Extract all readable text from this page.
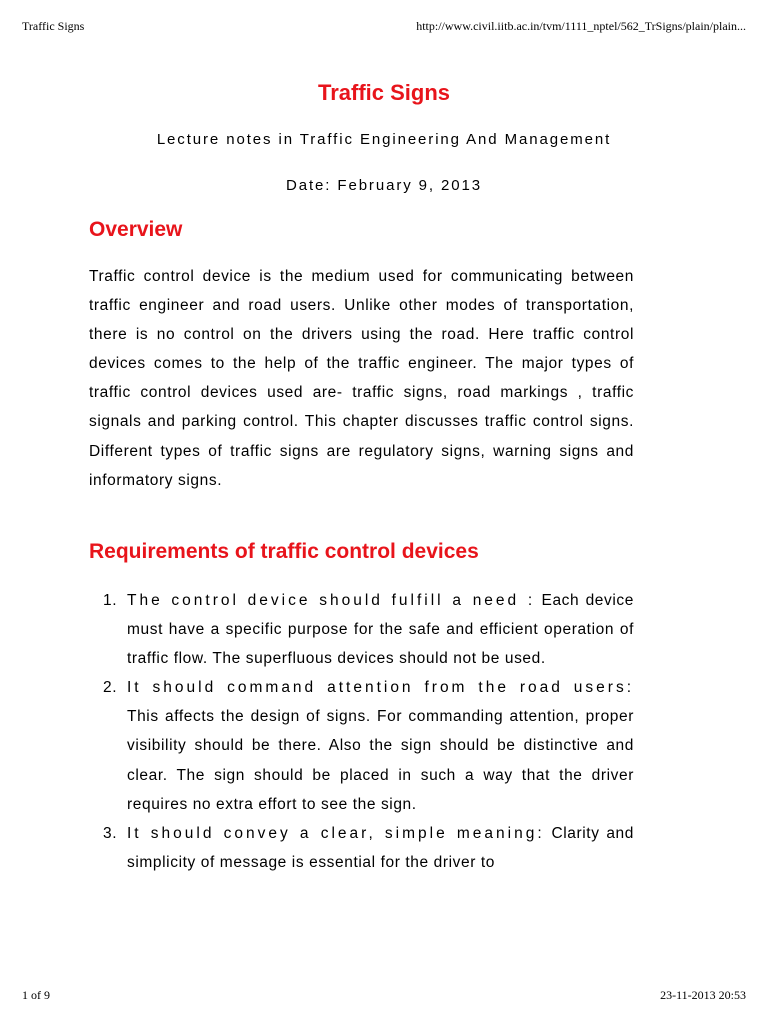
Traffic Signs	http://www.civil.iitb.ac.in/tvm/1111_nptel/562_TrSigns/plain/plain...
Traffic Signs

Lecture notes in Traffic Engineering And Management

Date: February 9, 2013

Overview

Traffic control device is the medium used for communicating between traffic engineer and road users. Unlike other modes of transportation, there is no control on the drivers using the road. Here traffic control devices comes to the help of the traffic engineer. The major types of traffic control devices used are- traffic signs, road markings , traffic signals and parking control. This chapter discusses traffic control signs. Different types of traffic signs are regulatory signs, warning signs and informatory signs.

Requirements of traffic control devices
1. The control device should fulfill a need : Each device must have a specific purpose for the safe and efficient operation of traffic flow. The superfluous devices should not be used.
2. It should command attention from the road users: This affects the design of signs. For commanding attention, proper visibility should be there. Also the sign should be distinctive and clear. The sign should be placed in such a way that the driver requires no extra effort to see the sign.
3. It should convey a clear, simple meaning: Clarity and simplicity of message is essential for the driver to
1 of 9	23-11-2013 20:53
